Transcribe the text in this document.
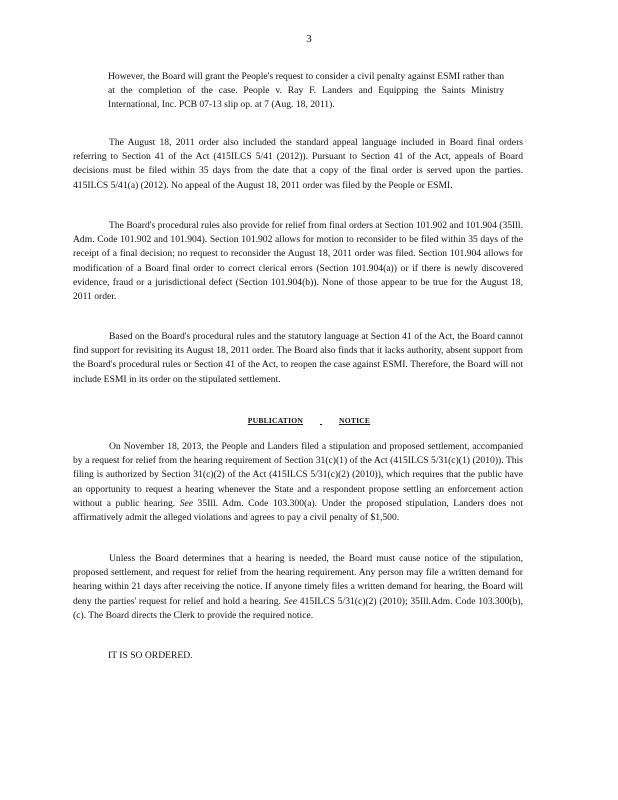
3

However, the Board will grant the People's request to consider a civil penalty against ESMI rather than at the completion of the case. People v. Ray F. Landers and Equipping the Saints Ministry International, Inc. PCB 07-13 slip op. at 7 (Aug. 18, 2011).

The August 18, 2011 order also included the standard appeal language included in Board final orders referring to Section 41 of the Act (415ILCS 5/41 (2012)). Pursuant to Section 41 of the Act, appeals of Board decisions must be filed within 35 days from the date that a copy of the final order is served upon the parties. 415ILCS 5/41(a) (2012). No appeal of the August 18, 2011 order was filed by the People or ESMI.

The Board's procedural rules also provide for relief from final orders at Section 101.902 and 101.904 (35Ill. Adm. Code 101.902 and 101.904). Section 101.902 allows for motion to reconsider to be filed within 35 days of the receipt of a final decision; no request to reconsider the August 18, 2011 order was filed. Section 101.904 allows for modification of a Board final order to correct clerical errors (Section 101.904(a)) or if there is newly discovered evidence, fraud or a jurisdictional defect (Section 101.904(b)). None of those appear to be true for the August 18, 2011 order.

Based on the Board's procedural rules and the statutory language at Section 41 of the Act, the Board cannot find support for revisiting its August 18, 2011 order. The Board also finds that it lacks authority, absent support from the Board's procedural rules or Section 41 of the Act, to reopen the case against ESMI. Therefore, the Board will not include ESMI in its order on the stipulated settlement.

PUBLICATION	NOTICE

On November 18, 2013, the People and Landers filed a stipulation and proposed settlement, accompanied by a request for relief from the hearing requirement of Section 31(c)(1) of the Act (415ILCS 5/31(c)(1) (2010)). This filing is authorized by Section 31(c)(2) of the Act (415ILCS 5/31(c)(2) (2010)), which requires that the public have an opportunity to request a hearing whenever the State and a respondent propose settling an enforcement action without a public hearing. See 35Ill. Adm. Code 103.300(a). Under the proposed stipulation, Landers does not affirmatively admit the alleged violations and agrees to pay a civil penalty of $1,500.

Unless the Board determines that a hearing is needed, the Board must cause notice of the stipulation, proposed settlement, and request for relief from the hearing requirement. Any person may file a written demand for hearing within 21 days after receiving the notice. If anyone timely files a written demand for hearing, the Board will deny the parties' request for relief and hold a hearing. See 415ILCS 5/31(c)(2) (2010); 35Ill.Adm. Code 103.300(b), (c). The Board directs the Clerk to provide the required notice.

IT IS SO ORDERED.
